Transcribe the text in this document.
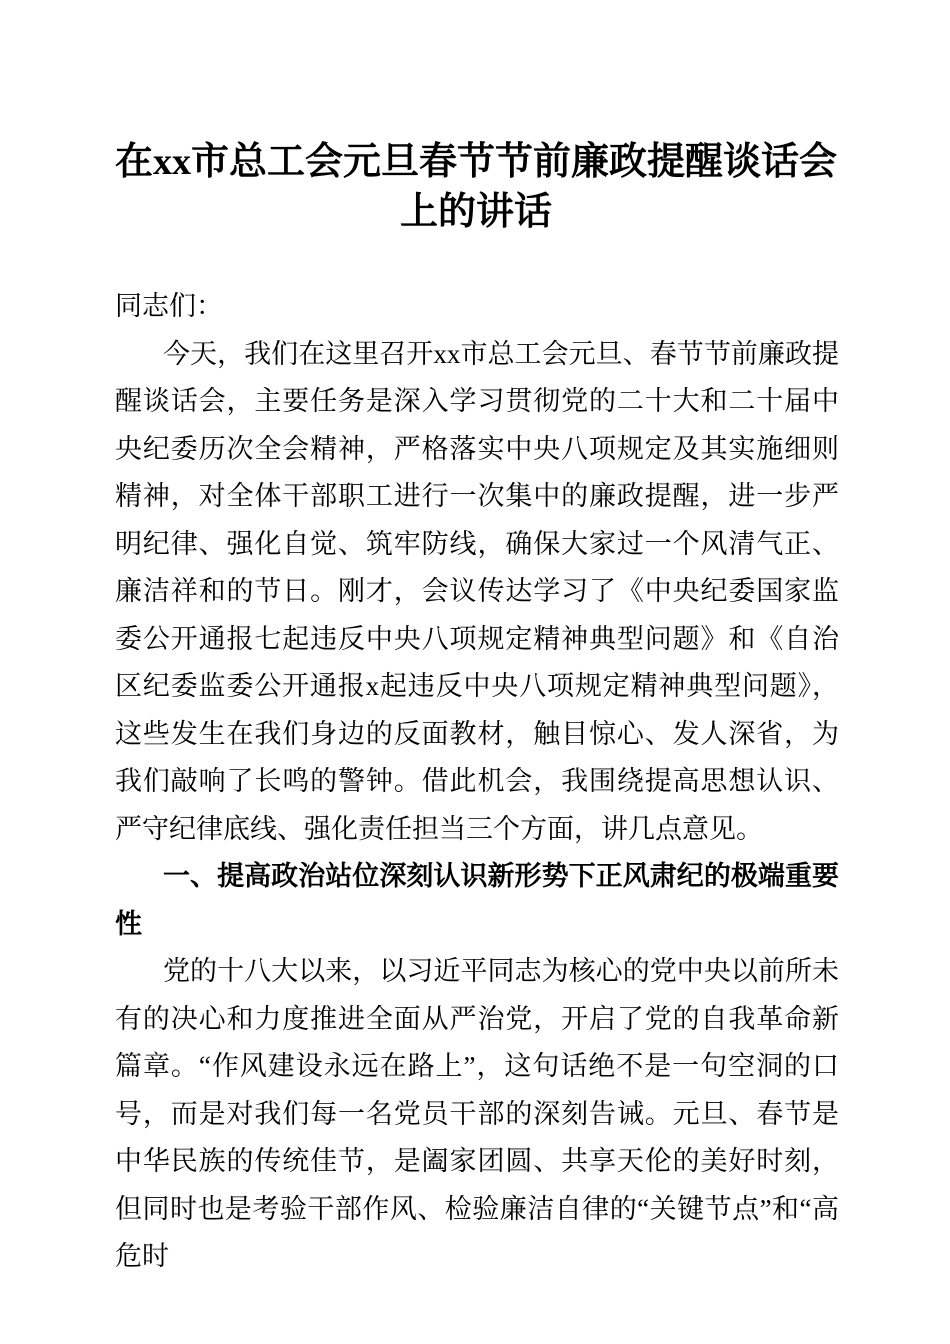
在xx市总工会元旦春节节前廉政提醒谈话会
上的讲话

同志们：

今天，我们在这里召开xx市总工会元旦、春节节前廉政提醒谈话会，主要任务是深入学习贯彻党的二十大和二十届中央纪委历次全会精神，严格落实中央八项规定及其实施细则精神，对全体干部职工进行一次集中的廉政提醒，进一步严明纪律、强化自觉、筑牢防线，确保大家过一个风清气正、廉洁祥和的节日。刚才，会议传达学习了《中央纪委国家监委公开通报七起违反中央八项规定精神典型问题》和《自治区纪委监委公开通报x起违反中央八项规定精神典型问题》，这些发生在我们身边的反面教材，触目惊心、发人深省，为我们敲响了长鸣的警钟。借此机会，我围绕提高思想认识、严守纪律底线、强化责任担当三个方面，讲几点意见。

一、提高政治站位深刻认识新形势下正风肃纪的极端重要性

党的十八大以来，以习近平同志为核心的党中央以前所未有的决心和力度推进全面从严治党，开启了党的自我革命新篇章。“作风建设永远在路上”，这句话绝不是一句空洞的口号，而是对我们每一名党员干部的深刻告诫。元旦、春节是中华民族的传统佳节，是阖家团圆、共享天伦的美好时刻，但同时也是考验干部作风、检验廉洁自律的“关键节点”和“高危时
